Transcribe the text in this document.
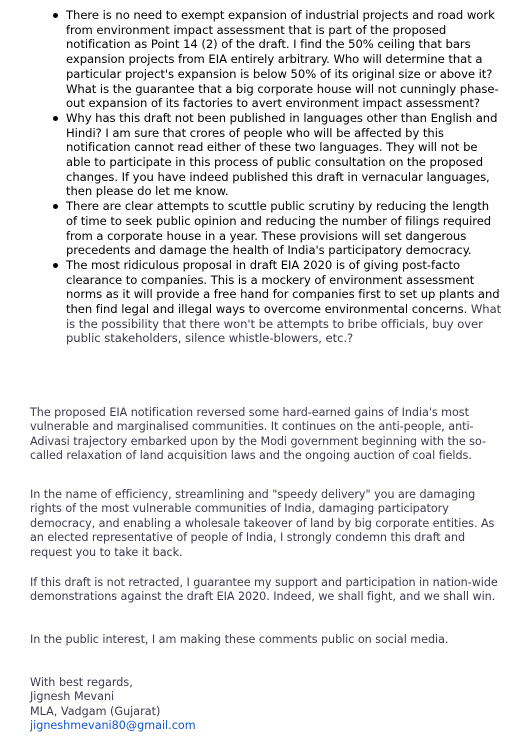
There is no need to exempt expansion of industrial projects and road work from environment impact assessment that is part of the proposed notification as Point 14 (2) of the draft. I find the 50% ceiling that bars expansion projects from EIA entirely arbitrary. Who will determine that a particular project's expansion is below 50% of its original size or above it? What is the guarantee that a big corporate house will not cunningly phase-out expansion of its factories to avert environment impact assessment?
Why has this draft not been published in languages other than English and Hindi? I am sure that crores of people who will be affected by this notification cannot read either of these two languages. They will not be able to participate in this process of public consultation on the proposed changes. If you have indeed published this draft in vernacular languages, then please do let me know.
There are clear attempts to scuttle public scrutiny by reducing the length of time to seek public opinion and reducing the number of filings required from a corporate house in a year. These provisions will set dangerous precedents and damage the health of India's participatory democracy.
The most ridiculous proposal in draft EIA 2020 is of giving post-facto clearance to companies. This is a mockery of environment assessment norms as it will provide a free hand for companies first to set up plants and then find legal and illegal ways to overcome environmental concerns. What is the possibility that there won't be attempts to bribe officials, buy over public stakeholders, silence whistle-blowers, etc.?

The proposed EIA notification reversed some hard-earned gains of India's most vulnerable and marginalised communities. It continues on the anti-people, anti-Adivasi trajectory embarked upon by the Modi government beginning with the so-called relaxation of land acquisition laws and the ongoing auction of coal fields.

In the name of efficiency, streamlining and "speedy delivery" you are damaging rights of the most vulnerable communities of India, damaging participatory democracy, and enabling a wholesale takeover of land by big corporate entities. As an elected representative of people of India, I strongly condemn this draft and request you to take it back.

If this draft is not retracted, I guarantee my support and participation in nation-wide demonstrations against the draft EIA 2020. Indeed, we shall fight, and we shall win.

In the public interest, I am making these comments public on social media.

With best regards,
Jignesh Mevani
MLA, Vadgam (Gujarat)
jigneshmevani80@gmail.com
